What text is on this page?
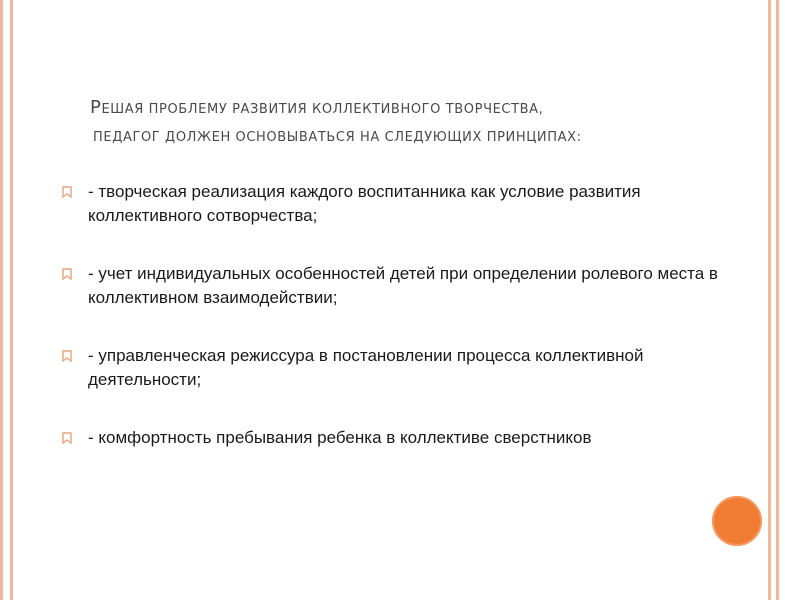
РЕШАЯ ПРОБЛЕМУ РАЗВИТИЯ КОЛЛЕКТИВНОГО ТВОРЧЕСТВА,
ПЕДАГОГ ДОЛЖЕН ОСНОВЫВАТЬСЯ НА СЛЕДУЮЩИХ ПРИНЦИПАХ:
- творческая реализация каждого воспитанника как условие развития коллективного сотворчества;
- учет индивидуальных особенностей детей при определении ролевого места в коллективном взаимодействии;
- управленческая режиссура в постановлении процесса коллективной деятельности;
- комфортность пребывания ребенка в коллективе сверстников
